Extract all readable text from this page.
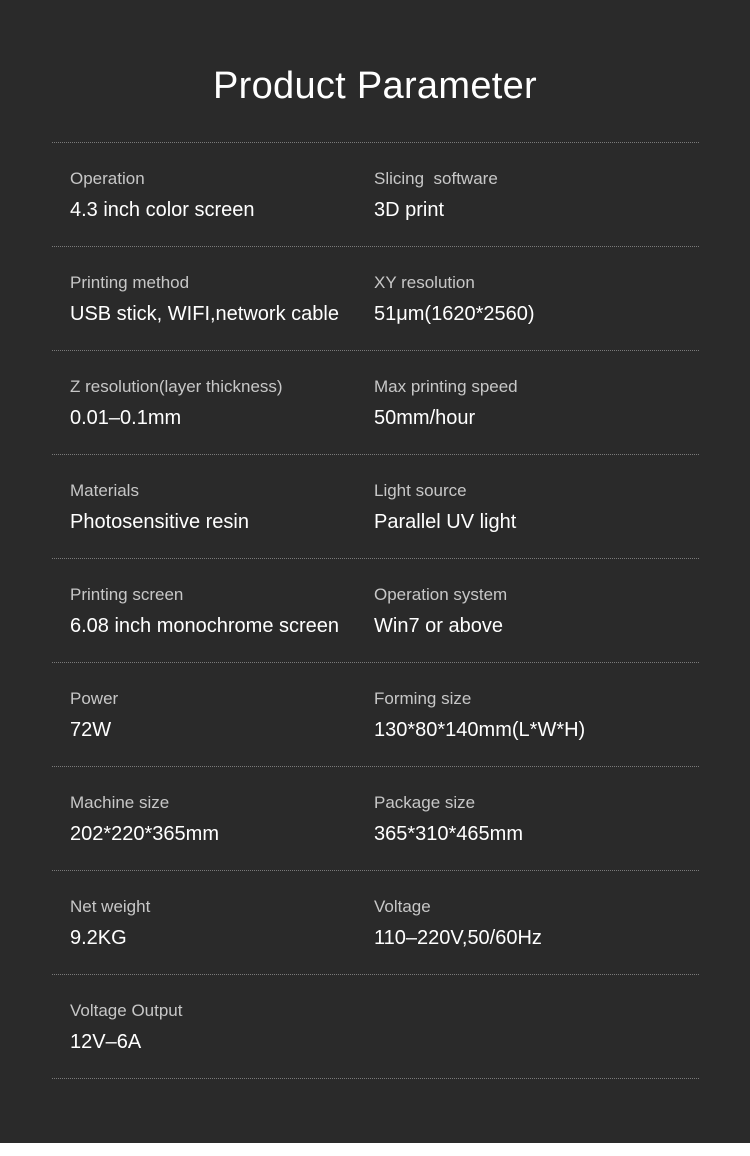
Product Parameter
Operation
4.3 inch color screen
Slicing  software
3D print
Printing method
USB stick, WIFI,network cable
XY resolution
51μm(1620*2560)
Z resolution(layer thickness)
0.01–0.1mm
Max printing speed
50mm/hour
Materials
Photosensitive resin
Light source
Parallel UV light
Printing screen
6.08 inch monochrome screen
Operation system
Win7 or above
Power
72W
Forming size
130*80*140mm(L*W*H)
Machine size
202*220*365mm
Package size
365*310*465mm
Net weight
9.2KG
Voltage
110–220V,50/60Hz
Voltage Output
12V–6A
